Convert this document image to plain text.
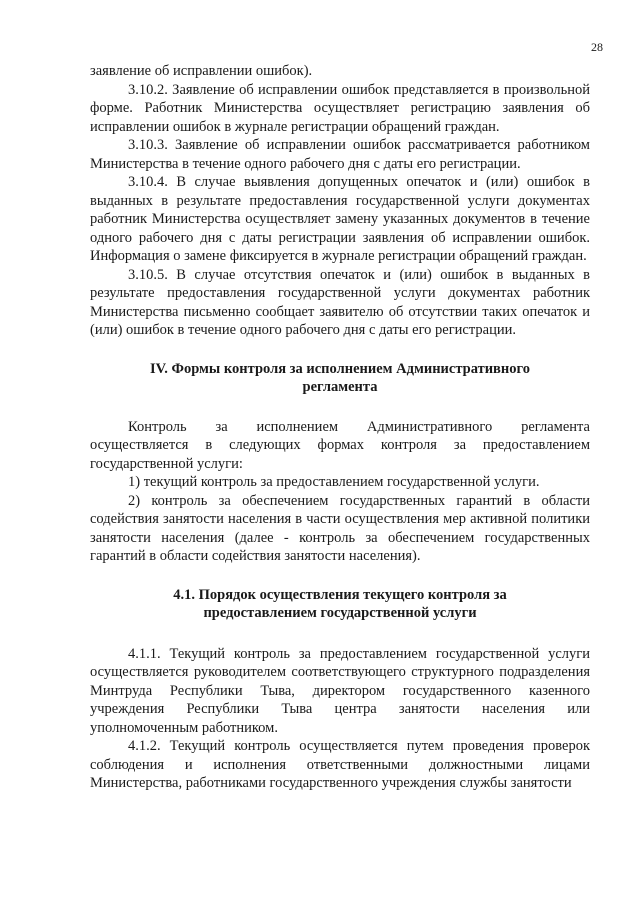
28

заявление об исправлении ошибок).

3.10.2. Заявление об исправлении ошибок представляется в произвольной форме. Работник Министерства осуществляет регистрацию заявления об исправлении ошибок в журнале регистрации обращений граждан.

3.10.3. Заявление об исправлении ошибок рассматривается работником Министерства в течение одного рабочего дня с даты его регистрации.

3.10.4. В случае выявления допущенных опечаток и (или) ошибок в выданных в результате предоставления государственной услуги документах работник Министерства осуществляет замену указанных документов в течение одного рабочего дня с даты регистрации заявления об исправлении ошибок. Информация о замене фиксируется в журнале регистрации обращений граждан.

3.10.5. В случае отсутствия опечаток и (или) ошибок в выданных в результате предоставления государственной услуги документах работник Министерства письменно сообщает заявителю об отсутствии таких опечаток и (или) ошибок в течение одного рабочего дня с даты его регистрации.

IV. Формы контроля за исполнением Административного регламента

Контроль за исполнением Административного регламента осуществляется в следующих формах контроля за предоставлением государственной услуги:

1) текущий контроль за предоставлением государственной услуги.

2) контроль за обеспечением государственных гарантий в области содействия занятости населения в части осуществления мер активной политики занятости населения (далее - контроль за обеспечением государственных гарантий в области содействия занятости населения).

4.1. Порядок осуществления текущего контроля за предоставлением государственной услуги

4.1.1. Текущий контроль за предоставлением государственной услуги осуществляется руководителем соответствующего структурного подразделения Минтруда Республики Тыва, директором государственного казенного учреждения Республики Тыва центра занятости населения или уполномоченным работником.

4.1.2. Текущий контроль осуществляется путем проведения проверок соблюдения и исполнения ответственными должностными лицами Министерства, работниками государственного учреждения службы занятости
